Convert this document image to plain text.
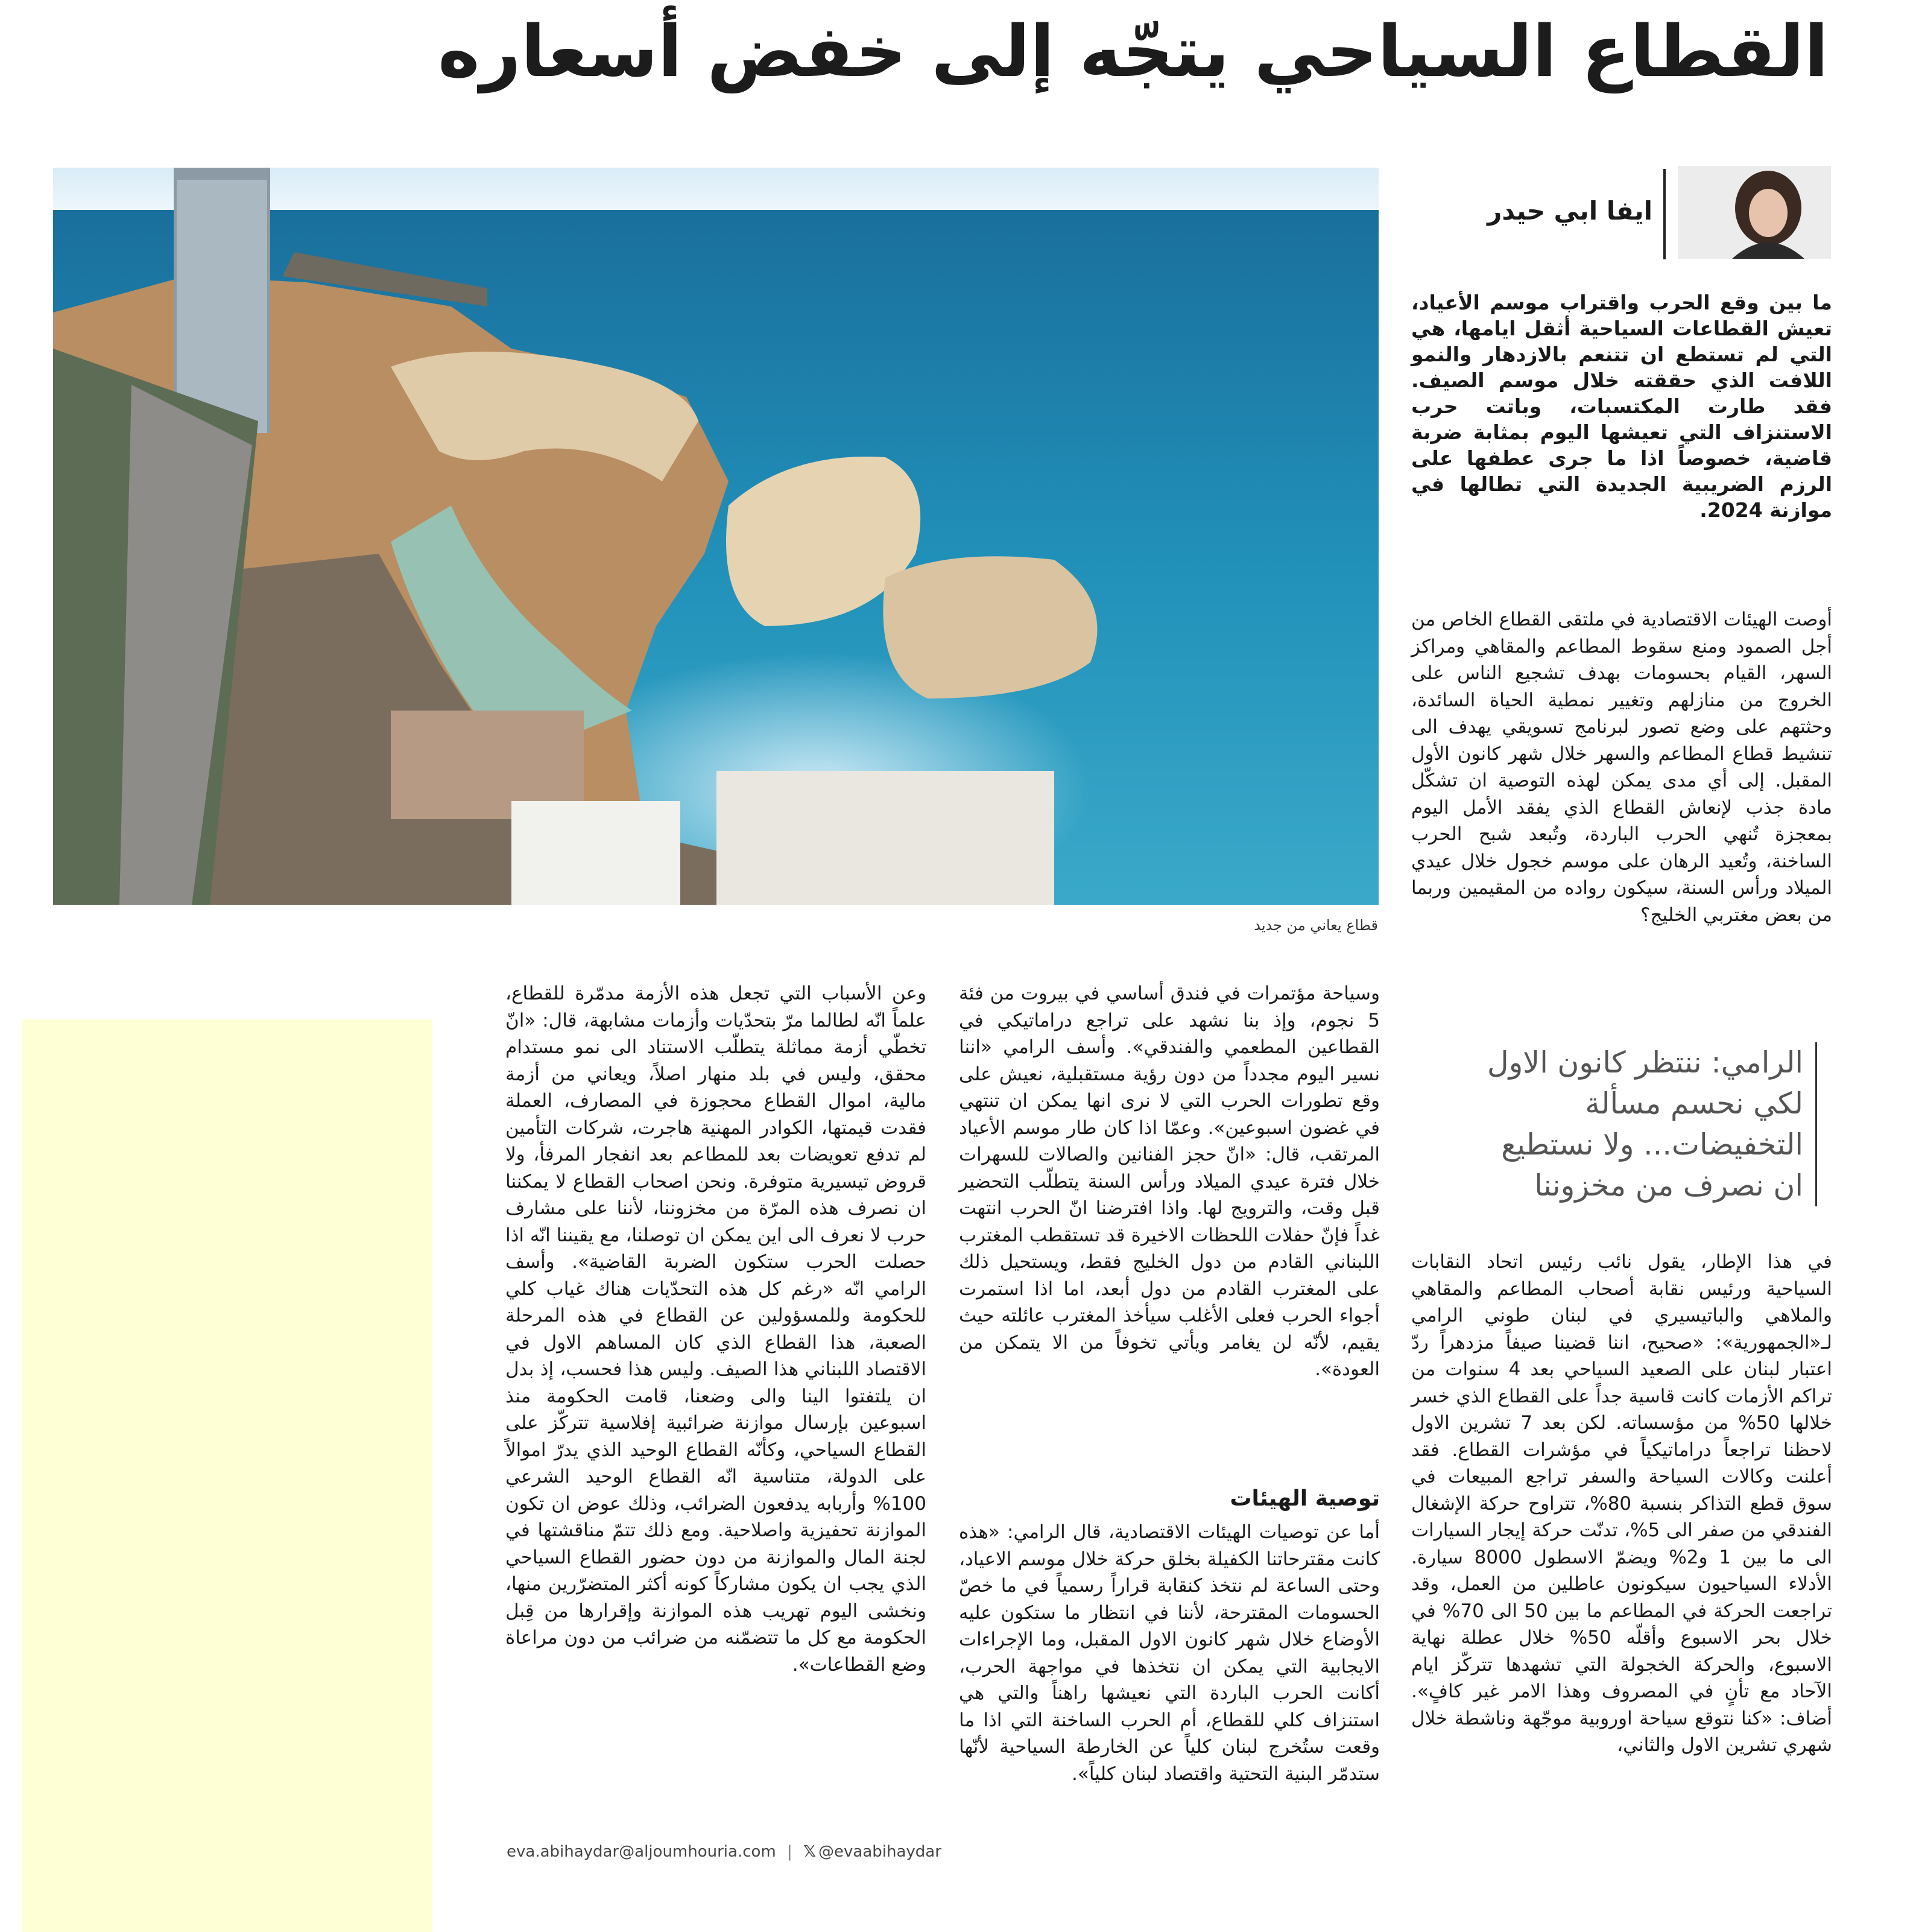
القطاع السياحي يتجّه إلى خفض أسعاره
قطاع يعاني من جديد
ايفا ابي حيدر
ما بين وقع الحرب واقتراب موسم الأعياد، تعيش القطاعات السياحية أثقل ايامها، هي التي لم تستطع ان تتنعم بالازدهار والنمو اللافت الذي حققته خلال موسم الصيف. فقد طارت المكتسبات، وباتت حرب الاستنزاف التي تعيشها اليوم بمثابة ضربة قاضية، خصوصاً اذا ما جرى عطفها على الرزم الضريبية الجديدة التي تطالها في موازنة 2024.
أوصت الهيئات الاقتصادية في ملتقى القطاع الخاص من أجل الصمود ومنع سقوط المطاعم والمقاهي ومراكز السهر، القيام بحسومات بهدف تشجيع الناس على الخروج من منازلهم وتغيير نمطية الحياة السائدة، وحثتهم على وضع تصور لبرنامج تسويقي يهدف الى تنشيط قطاع المطاعم والسهر خلال شهر كانون الأول المقبل. إلى أي مدى يمكن لهذه التوصية ان تشكّل مادة جذب لإنعاش القطاع الذي يفقد الأمل اليوم بمعجزة تُنهي الحرب الباردة، وتُبعد شبح الحرب الساخنة، وتُعيد الرهان على موسم خجول خلال عيدي الميلاد ورأس السنة، سيكون رواده من المقيمين وربما من بعض مغتربي الخليج؟
الرامي: ننتظر كانون الاول لكي نحسم مسألة التخفيضات... ولا نستطيع ان نصرف من مخزوننا
في هذا الإطار، يقول نائب رئيس اتحاد النقابات السياحية ورئيس نقابة أصحاب المطاعم والمقاهي والملاهي والباتيسيري في لبنان طوني الرامي لـ«الجمهورية»: «صحيح، اننا قضينا صيفاً مزدهراً ردّ اعتبار لبنان على الصعيد السياحي بعد 4 سنوات من تراكم الأزمات كانت قاسية جداً على القطاع الذي خسر خلالها 50% من مؤسساته. لكن بعد 7 تشرين الاول لاحظنا تراجعاً دراماتيكياً في مؤشرات القطاع. فقد أعلنت وكالات السياحة والسفر تراجع المبيعات في سوق قطع التذاكر بنسبة 80%، تتراوح حركة الإشغال الفندقي من صفر الى 5%، تدنّت حركة إيجار السيارات الى ما بين 1 و2% ويضمّ الاسطول 8000 سيارة. الأدلاء السياحيون سيكونون عاطلين من العمل، وقد تراجعت الحركة في المطاعم ما بين 50 الى 70% في خلال بحر الاسبوع وأقلّه 50% خلال عطلة نهاية الاسبوع، والحركة الخجولة التي تشهدها تتركّز ايام الآحاد مع تأنٍ في المصروف وهذا الامر غير كافٍ». أضاف: «كنا نتوقع سياحة اوروبية موجّهة وناشطة خلال شهري تشرين الاول والثاني،
وسياحة مؤتمرات في فندق أساسي في بيروت من فئة 5 نجوم، وإذ بنا نشهد على تراجع دراماتيكي في القطاعين المطعمي والفندقي». وأسف الرامي «اننا نسير اليوم مجدداً من دون رؤية مستقبلية، نعيش على وقع تطورات الحرب التي لا نرى انها يمكن ان تنتهي في غضون اسبوعين». وعمّا اذا كان طار موسم الأعياد المرتقب، قال: «انّ حجز الفنانين والصالات للسهرات خلال فترة عيدي الميلاد ورأس السنة يتطلّب التحضير قبل وقت، والترويج لها. واذا افترضنا انّ الحرب انتهت غداً فإنّ حفلات اللحظات الاخيرة قد تستقطب المغترب اللبناني القادم من دول الخليج فقط، ويستحيل ذلك على المغترب القادم من دول أبعد، اما اذا استمرت أجواء الحرب فعلى الأغلب سيأخذ المغترب عائلته حيث يقيم، لأنّه لن يغامر ويأتي تخوفاً من الا يتمكن من العودة».
توصية الهيئات
أما عن توصيات الهيئات الاقتصادية، قال الرامي: «هذه كانت مقترحاتنا الكفيلة بخلق حركة خلال موسم الاعياد، وحتى الساعة لم نتخذ كنقابة قراراً رسمياً في ما خصّ الحسومات المقترحة، لأننا في انتظار ما ستكون عليه الأوضاع خلال شهر كانون الاول المقبل، وما الإجراءات الايجابية التي يمكن ان نتخذها في مواجهة الحرب، أكانت الحرب الباردة التي نعيشها راهناً والتي هي استنزاف كلي للقطاع، أم الحرب الساخنة التي اذا ما وقعت ستُخرج لبنان كلياً عن الخارطة السياحية لأنّها ستدمّر البنية التحتية واقتصاد لبنان كلياً».
وعن الأسباب التي تجعل هذه الأزمة مدمّرة للقطاع، علماً انّه لطالما مرّ بتحدّيات وأزمات مشابهة، قال: «انّ تخطّي أزمة مماثلة يتطلّب الاستناد الى نمو مستدام محقق، وليس في بلد منهار اصلاً، ويعاني من أزمة مالية، اموال القطاع محجوزة في المصارف، العملة فقدت قيمتها، الكوادر المهنية هاجرت، شركات التأمين لم تدفع تعويضات بعد للمطاعم بعد انفجار المرفأ، ولا قروض تيسيرية متوفرة. ونحن اصحاب القطاع لا يمكننا ان نصرف هذه المرّة من مخزوننا، لأننا على مشارف حرب لا نعرف الى اين يمكن ان توصلنا، مع يقيننا انّه اذا حصلت الحرب ستكون الضربة القاضية». وأسف الرامي انّه «رغم كل هذه التحدّيات هناك غياب كلي للحكومة وللمسؤولين عن القطاع في هذه المرحلة الصعبة، هذا القطاع الذي كان المساهم الاول في الاقتصاد اللبناني هذا الصيف. وليس هذا فحسب، إذ بدل ان يلتفتوا الينا والى وضعنا، قامت الحكومة منذ اسبوعين بإرسال موازنة ضرائبية إفلاسية تتركّز على القطاع السياحي، وكأنّه القطاع الوحيد الذي يدرّ اموالاً على الدولة، متناسية انّه القطاع الوحيد الشرعي 100% وأربابه يدفعون الضرائب، وذلك عوض ان تكون الموازنة تحفيزية واصلاحية. ومع ذلك تتمّ مناقشتها في لجنة المال والموازنة من دون حضور القطاع السياحي الذي يجب ان يكون مشاركاً كونه أكثر المتضرّرين منها، ونخشى اليوم تهريب هذه الموازنة وإقرارها من قِبل الحكومة مع كل ما تتضمّنه من ضرائب من دون مراعاة وضع القطاعات».
eva.abihaydar@aljoumhouria.com | 𝕏 @evaabihaydar
